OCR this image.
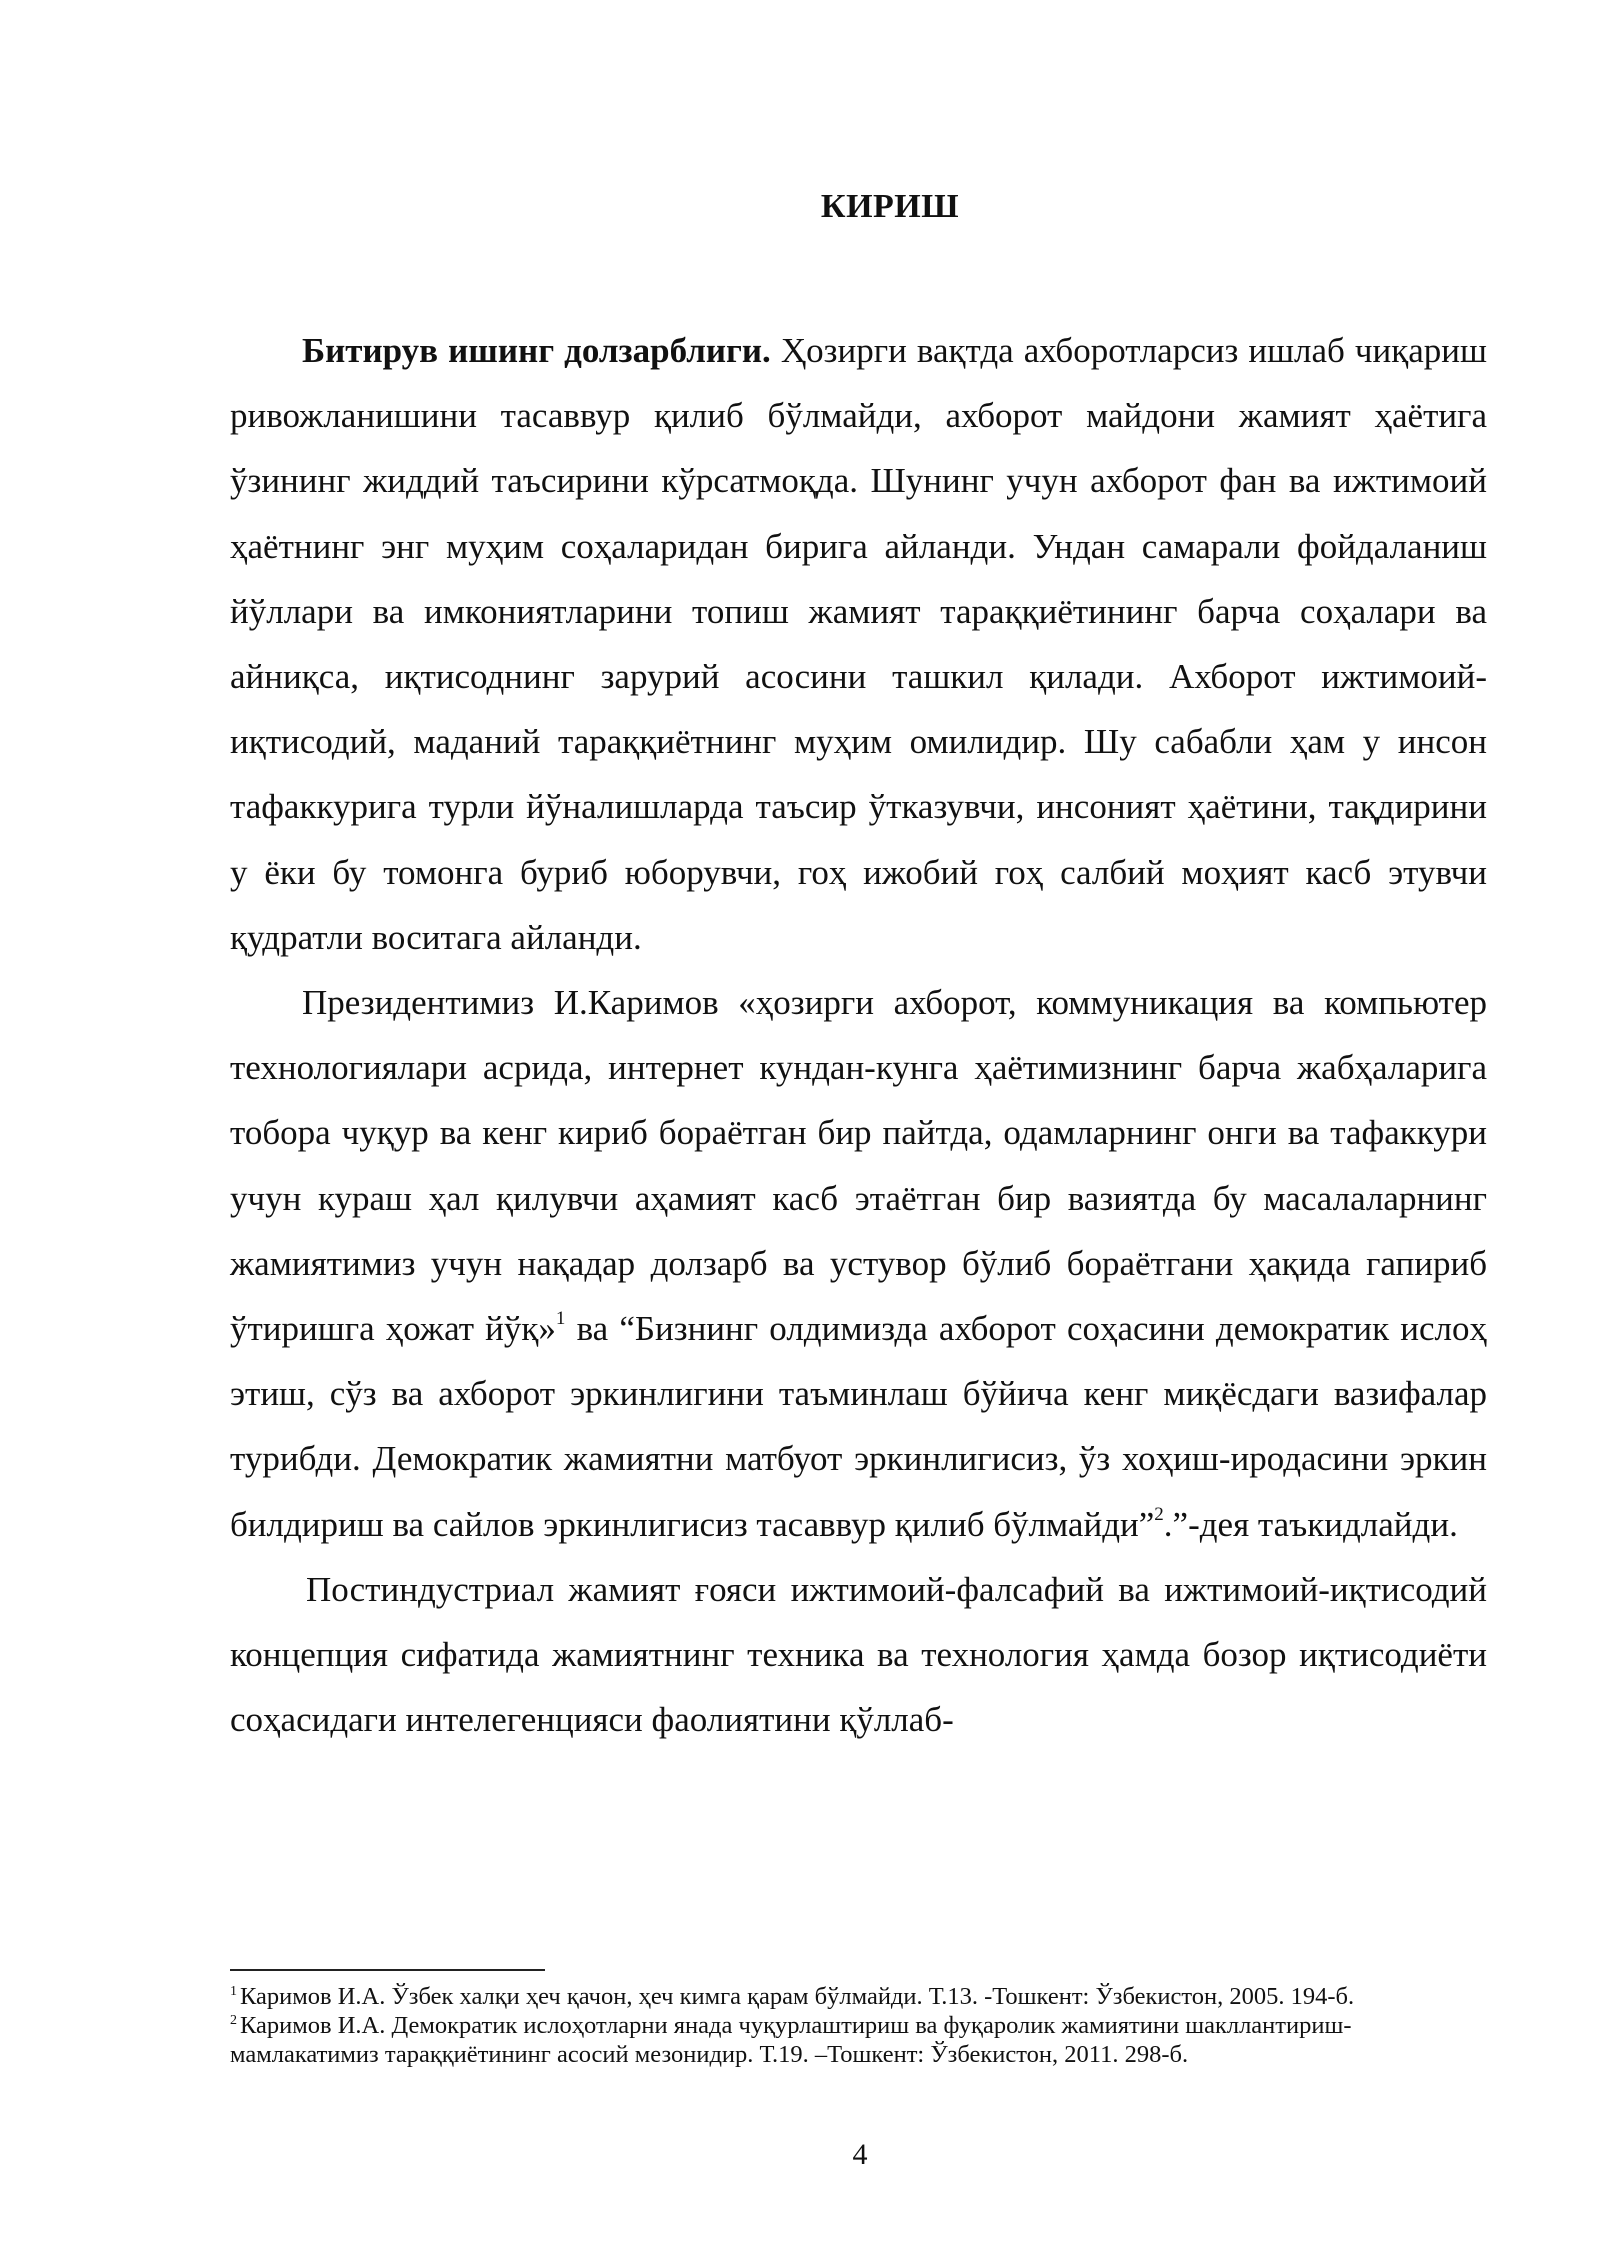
КИРИШ

Битирув ишинг долзарблиги. Ҳозирги вақтда ахборотларсиз ишлаб чиқариш ривожланишини тасаввур қилиб бўлмайди, ахборот майдони жамият ҳаётига ўзининг жиддий таъсирини кўрсатмоқда. Шунинг учун ахборот фан ва ижтимоий ҳаётнинг энг муҳим соҳаларидан бирига айланди. Ундан самарали фойдаланиш йўллари ва имкониятларини топиш жамият тараққиётининг барча соҳалари ва айниқса, иқтисоднинг зарурий асосини ташкил қилади. Ахборот ижтимоий-иқтисодий, маданий тараққиётнинг муҳим омилидир. Шу сабабли ҳам у инсон тафаккурига турли йўналишларда таъсир ўтказувчи, инсоният ҳаётини, тақдирини у ёки бу томонга буриб юборувчи, гоҳ ижобий гоҳ салбий моҳият касб этувчи қудратли воситага айланди.

Президентимиз И.Каримов «ҳозирги ахборот, коммуникация ва компьютер технологиялари асрида, интернет кундан-кунга ҳаётимизнинг барча жабҳаларига тобора чуқур ва кенг кириб бораётган бир пайтда, одамларнинг онги ва тафаккури учун кураш ҳал қилувчи аҳамият касб этаётган бир вазиятда бу масалаларнинг жамиятимиз учун нақадар долзарб ва устувор бўлиб бораётгани ҳақида гапириб ўтиришга ҳожат йўқ»$^1$ ва “Бизнинг олдимизда ахборот соҳасини демократик ислоҳ этиш, сўз ва ахборот эркинлигини таъминлаш бўйича кенг миқёсдаги вазифалар турибди. Демократик жамиятни матбуот эркинлигисиз, ўз хоҳиш-иродасини эркин билдириш ва сайлов эркинлигисиз тасаввур қилиб бўлмайди”$^2$.”-дея таъкидлайди.

Постиндустриал жамият ғояси ижтимоий-фалсафий ва ижтимоий-иқтисодий концепция сифатида жамиятнинг техника ва технология ҳамда бозор иқтисодиёти соҳасидаги интелегенцияси фаолиятини қўллаб-

$^1$ Каримов И.А. Ўзбек халқи ҳеч қачон, ҳеч кимга қарам бўлмайди. Т.13. -Тошкент: Ўзбекистон, 2005. 194-б.
$^2$ Каримов И.А. Демократик ислоҳотларни янада чуқурлаштириш ва фуқаролик жамиятини шакллантириш-мамлакатимиз тараққиётининг асосий мезонидир. Т.19. –Тошкент: Ўзбекистон, 2011. 298-б.
4
